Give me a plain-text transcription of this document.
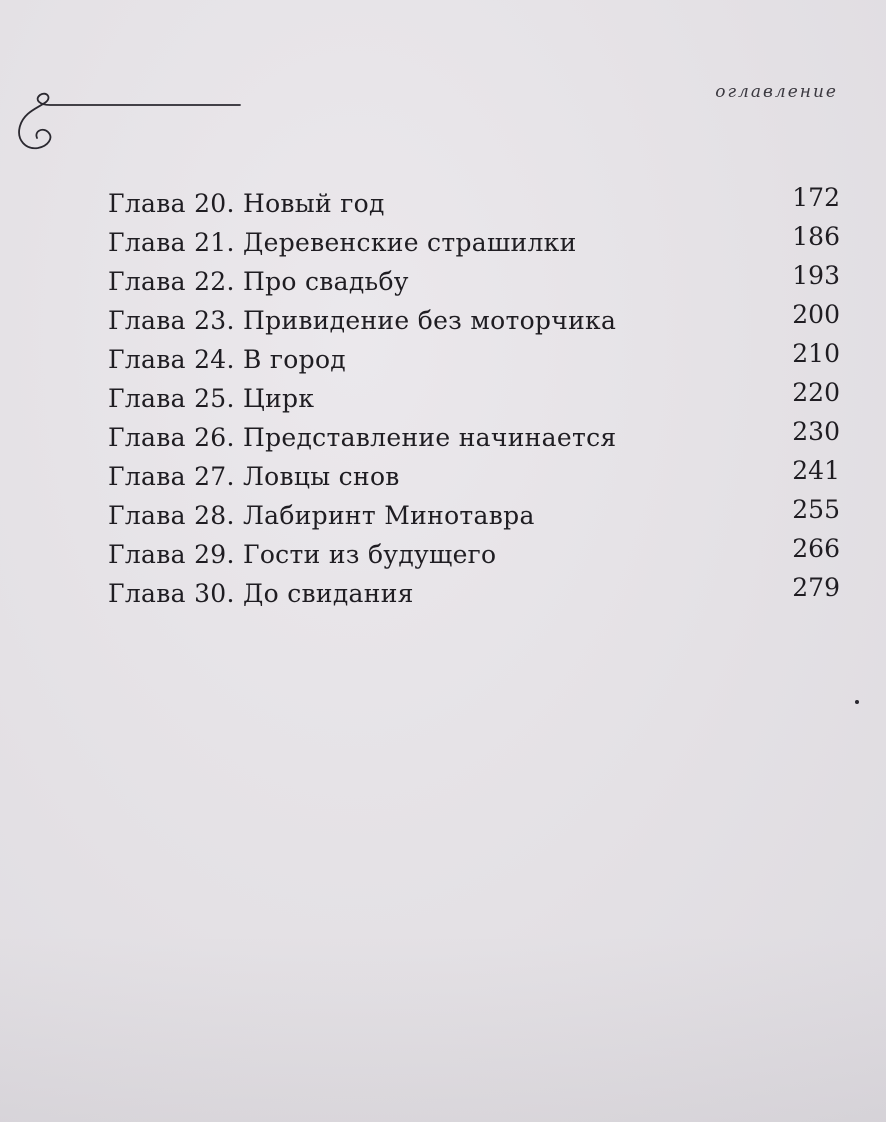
оглавление
Глава 20. Новый год	172
Глава 21. Деревенские страшилки	186
Глава 22. Про свадьбу	193
Глава 23. Привидение без моторчика	200
Глава 24. В город	210
Глава 25. Цирк	220
Глава 26. Представление начинается	230
Глава 27. Ловцы снов	241
Глава 28. Лабиринт Минотавра	255
Глава 29. Гости из будущего	266
Глава 30. До свидания	279
